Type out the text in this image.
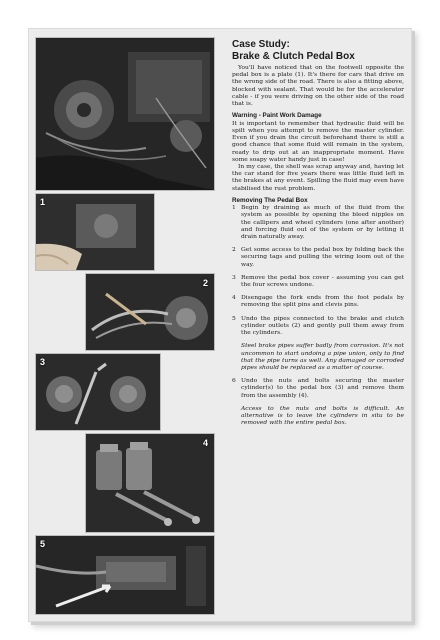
1
2
3
4
5
Case Study:
Brake & Clutch Pedal Box

You'll have noticed that on the footwell opposite the pedal box is a plate (1). It's there for cars that drive on the wrong side of the road. There is also a fitting above, blocked with sealant. That would be for the accelerator cable - if you were driving on the other side of the road that is.

Warning - Paint Work Damage

It is important to remember that hydraulic fluid will be spilt when you attempt to remove the master cylinder. Even if you drain the circuit beforehand there is still a good chance that some fluid will remain in the system, ready to drip out at an inappropriate moment. Have some soapy water handy just in case!

In my case, the shell was scrap anyway and, having let the car stand for five years there was little fluid left in the brakes at any event. Spilling the fluid may even have stabilised the rust problem.

Removing The Pedal Box
1 Begin by draining as much of the fluid from the system as possible by opening the bleed nipples on the callipers and wheel cylinders (one after another) and forcing fluid out of the system or by letting it drain naturally away.
2 Get some access to the pedal box by folding back the securing tags and pulling the wiring loom out of the way.
3 Remove the pedal box cover - assuming you can get the four screws undone.
4 Disengage the fork ends from the foot pedals by removing the split pins and clevis pins.
5 Undo the pipes connected to the brake and clutch cylinder outlets (2) and gently pull them away from the cylinders.

Steel brake pipes suffer badly from corrosion. It's not uncommon to start undoing a pipe union, only to find that the pipe turns as well. Any damaged or corroded pipes should be replaced as a matter of course.

6 Undo the nuts and bolts securing the master cylinder(s) to the pedal box (3) and remove them from the assembly (4).

Access to the nuts and bolts is difficult. An alternative is to leave the cylinders in situ to be removed with the entire pedal box.
